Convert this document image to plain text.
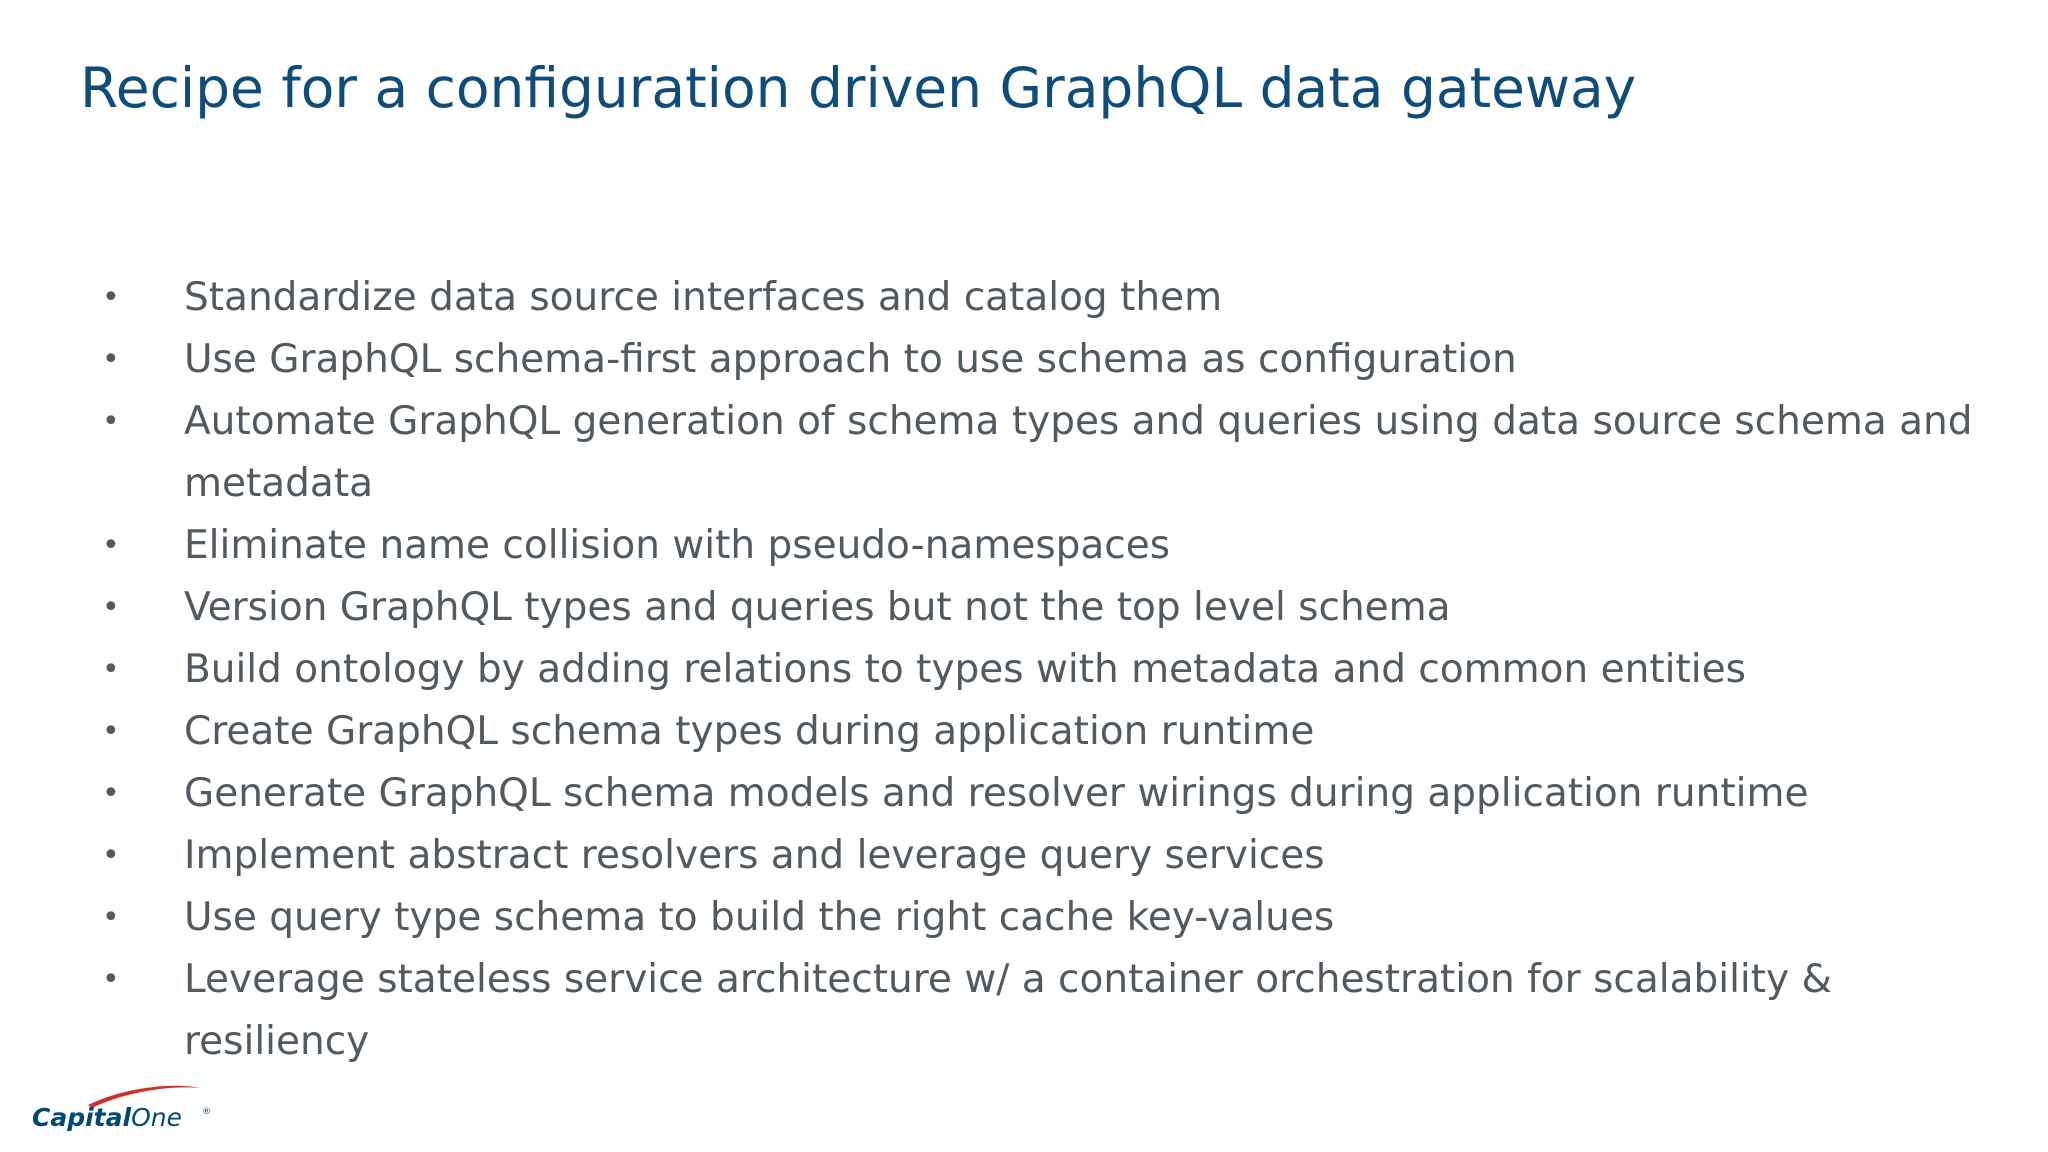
Recipe for a configuration driven GraphQL data gateway
•	Standardize data source interfaces and catalog them
•	Use GraphQL schema-first approach to use schema as configuration
•	Automate GraphQL generation of schema types and queries using data source schema and metadata
•	Eliminate name collision with pseudo-namespaces
•	Version GraphQL types and queries but not the top level schema
•	Build ontology by adding relations to types with metadata and common entities
•	Create GraphQL schema types during application runtime
•	Generate GraphQL schema models and resolver wirings during application runtime
•	Implement abstract resolvers and leverage query services
•	Use query type schema to build the right cache key-values
•	Leverage stateless service architecture w/ a container orchestration for scalability & resiliency
CapitalOne ®
